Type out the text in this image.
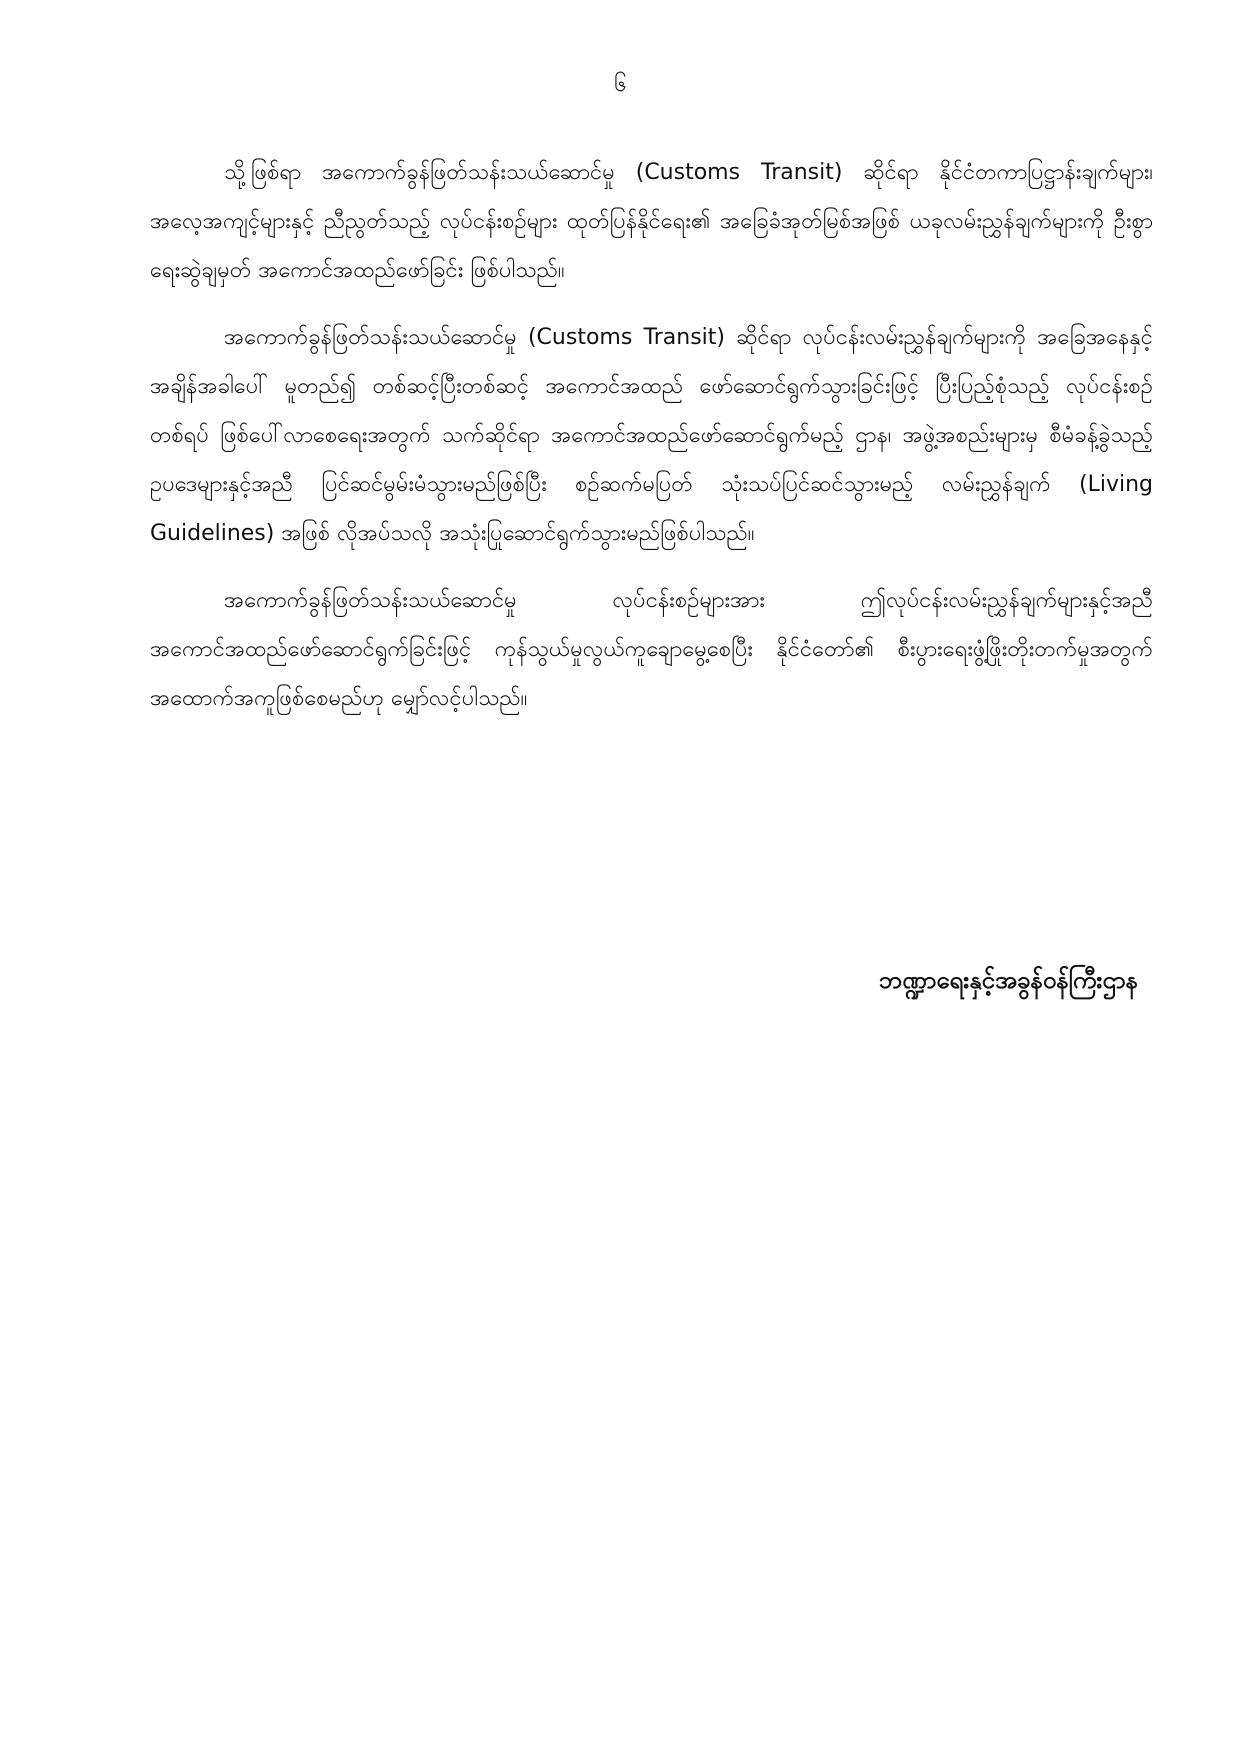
၆

သို့ဖြစ်ရာ အကောက်ခွန်ဖြတ်သန်းသယ်ဆောင်မှု (Customs Transit) ဆိုင်ရာ နိုင်ငံတကာပြဋ္ဌာန်းချက်များ၊ အလေ့အကျင့်များနှင့် ညီညွတ်သည့် လုပ်ငန်းစဉ်များ ထုတ်ပြန်နိုင်ရေး၏ အခြေခံအုတ်မြစ်အဖြစ် ယခုလမ်းညွှန်ချက်များကို ဦးစွာရေးဆွဲချမှတ် အကောင်အထည်ဖော်ခြင်း ဖြစ်ပါသည်။

အကောက်ခွန်ဖြတ်သန်းသယ်ဆောင်မှု (Customs Transit) ဆိုင်ရာ လုပ်ငန်းလမ်းညွှန်ချက်များကို အခြေအနေနှင့် အချိန်အခါပေါ် မူတည်၍ တစ်ဆင့်ပြီးတစ်ဆင့် အကောင်အထည် ဖော်ဆောင်ရွက်သွားခြင်းဖြင့် ပြီးပြည့်စုံသည့် လုပ်ငန်းစဉ်တစ်ရပ် ဖြစ်ပေါ်လာစေရေးအတွက် သက်ဆိုင်ရာ အကောင်အထည်ဖော်ဆောင်ရွက်မည့် ဌာန၊ အဖွဲ့အစည်းများမှ စီမံခန့်ခွဲသည့် ဥပဒေများနှင့်အညီ ပြင်ဆင်မွမ်းမံသွားမည်ဖြစ်ပြီး စဉ်ဆက်မပြတ် သုံးသပ်ပြင်ဆင်သွားမည့် လမ်းညွှန်ချက် (Living Guidelines) အဖြစ် လိုအပ်သလို အသုံးပြုဆောင်ရွက်သွားမည်ဖြစ်ပါသည်။

အကောက်ခွန်ဖြတ်သန်းသယ်ဆောင်မှု လုပ်ငန်းစဉ်များအား ဤလုပ်ငန်းလမ်းညွှန်ချက်များနှင့်အညီ အကောင်အထည်ဖော်ဆောင်ရွက်ခြင်းဖြင့် ကုန်သွယ်မှုလွယ်ကူချောမွေ့စေပြီး နိုင်ငံတော်၏ စီးပွားရေးဖွံ့ဖြိုးတိုးတက်မှုအတွက် အထောက်အကူဖြစ်စေမည်ဟု မျှော်လင့်ပါသည်။

ဘဏ္ဍာရေးနှင့်အခွန်ဝန်ကြီးဌာန
